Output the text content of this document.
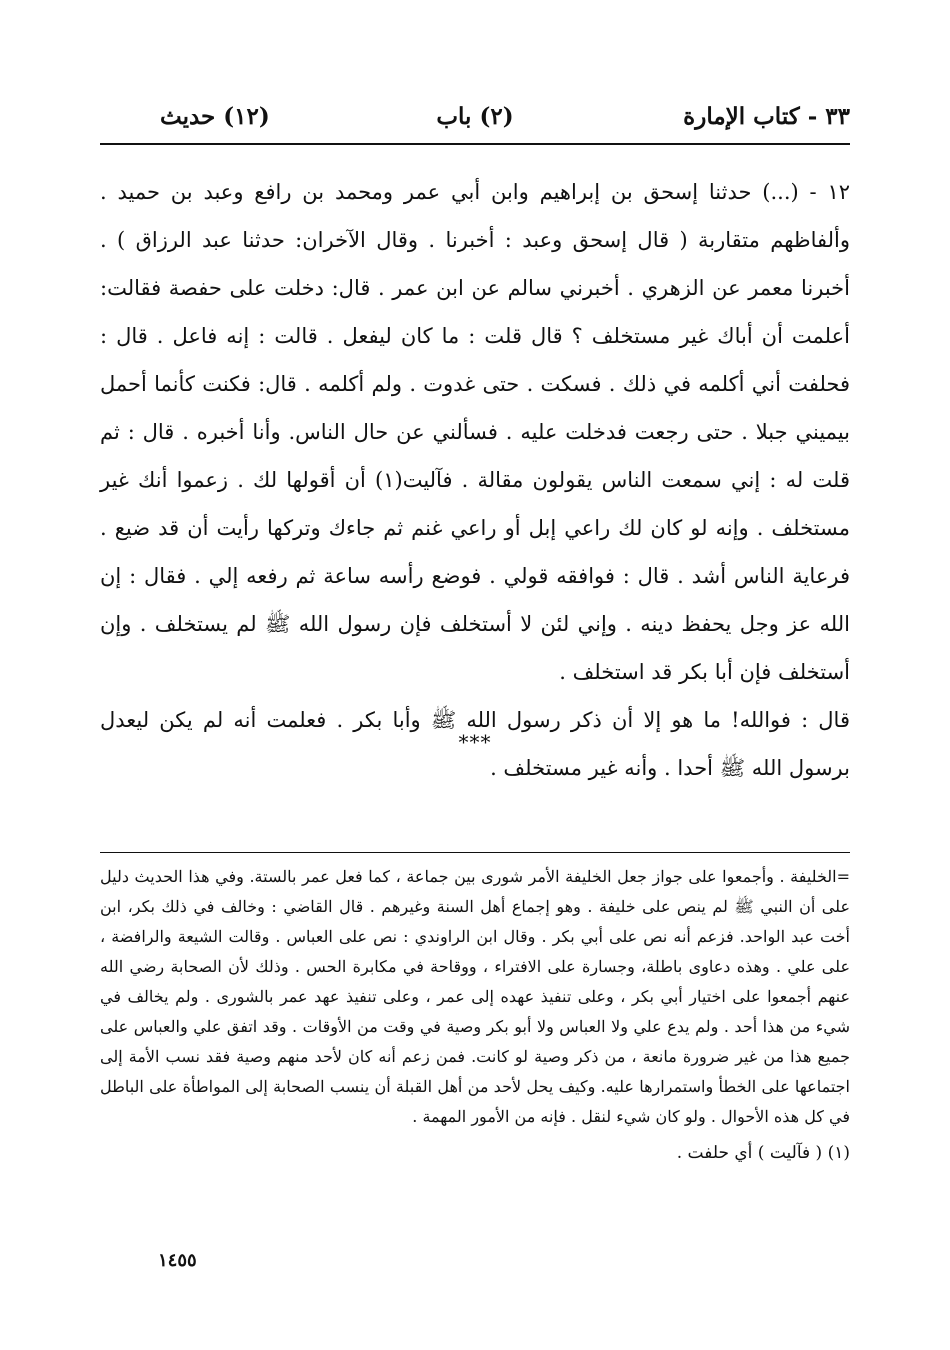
٣٣ - كتاب الإمارة
(٢) باب
(١٢) حديث

١٢ - (...) حدثنا إسحق بن إبراهيم وابن أبي عمر ومحمد بن رافع وعبد بن حميد . وألفاظهم متقاربة ( قال إسحق وعبد : أخبرنا . وقال الآخران: حدثنا عبد الرزاق ) . أخبرنا معمر عن الزهري . أخبرني سالم عن ابن عمر . قال: دخلت على حفصة فقالت: أعلمت أن أباك غير مستخلف ؟ قال قلت : ما كان ليفعل . قالت : إنه فاعل . قال : فحلفت أني أكلمه في ذلك . فسكت . حتى غدوت . ولم أكلمه . قال: فكنت كأنما أحمل بيميني جبلا . حتى رجعت فدخلت عليه . فسألني عن حال الناس. وأنا أخبره . قال : ثم قلت له : إني سمعت الناس يقولون مقالة . فآليت(١) أن أقولها لك . زعموا أنك غير مستخلف . وإنه لو كان لك راعي إبل أو راعي غنم ثم جاءك وتركها رأيت أن قد ضيع . فرعاية الناس أشد . قال : فوافقه قولي . فوضع رأسه ساعة ثم رفعه إلي . فقال : إن الله عز وجل يحفظ دينه . وإني لئن لا أستخلف فإن رسول الله ﷺ لم يستخلف . وإن أستخلف فإن أبا بكر قد استخلف .

قال : فوالله! ما هو إلا أن ذكر رسول الله ﷺ وأبا بكر . فعلمت أنه لم يكن ليعدل برسول الله ﷺ أحدا . وأنه غير مستخلف .

***

=الخليفة . وأجمعوا على جواز جعل الخليفة الأمر شورى بين جماعة ، كما فعل عمر بالستة. وفي هذا الحديث دليل على أن النبي ﷺ لم ينص على خليفة . وهو إجماع أهل السنة وغيرهم . قال القاضي : وخالف في ذلك بكر، ابن أخت عبد الواحد. فزعم أنه نص على أبي بكر . وقال ابن الراوندي : نص على العباس . وقالت الشيعة والرافضة ، على علي . وهذه دعاوى باطلة، وجسارة على الافتراء ، ووقاحة في مكابرة الحس . وذلك لأن الصحابة رضي الله عنهم أجمعوا على اختيار أبي بكر ، وعلى تنفيذ عهده إلى عمر ، وعلى تنفيذ عهد عمر بالشورى . ولم يخالف في شيء من هذا أحد . ولم يدع علي ولا العباس ولا أبو بكر وصية في وقت من الأوقات . وقد اتفق علي والعباس على جميع هذا من غير ضرورة مانعة ، من ذكر وصية لو كانت. فمن زعم أنه كان لأحد منهم وصية فقد نسب الأمة إلى اجتماعها على الخطأ واستمرارها عليه. وكيف يحل لأحد من أهل القبلة أن ينسب الصحابة إلى المواطأة على الباطل في كل هذه الأحوال . ولو كان شيء لنقل . فإنه من الأمور المهمة .

(١) ( فآليت ) أي حلفت .

١٤٥٥
